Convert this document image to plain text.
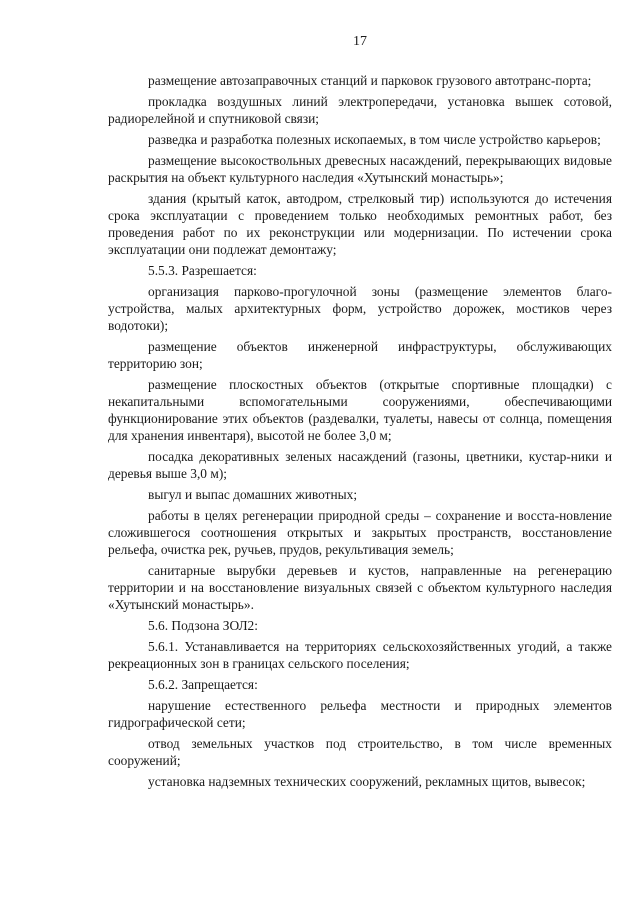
17

размещение автозаправочных станций и парковок грузового автотранс-порта;

прокладка воздушных линий электропередачи, установка вышек сотовой, радиорелейной и спутниковой связи;

разведка и разработка полезных ископаемых, в том числе устройство карьеров;

размещение высокоствольных древесных насаждений, перекрывающих видовые раскрытия на объект культурного наследия «Хутынский монастырь»;

здания (крытый каток, автодром, стрелковый тир) используются до истечения срока эксплуатации с проведением только необходимых ремонтных работ, без проведения работ по их реконструкции или модернизации. По истечении срока эксплуатации они подлежат демонтажу;

5.5.3. Разрешается:

организация парково-прогулочной зоны (размещение элементов благо-устройства, малых архитектурных форм, устройство дорожек, мостиков через водотоки);

размещение объектов инженерной инфраструктуры, обслуживающих территорию зон;

размещение плоскостных объектов (открытые спортивные площадки) с некапитальными вспомогательными сооружениями, обеспечивающими функционирование этих объектов (раздевалки, туалеты, навесы от солнца, помещения для хранения инвентаря), высотой не более 3,0 м;

посадка декоративных зеленых насаждений (газоны, цветники, кустар-ники и деревья выше 3,0 м);

выгул и выпас домашних животных;

работы в целях регенерации природной среды – сохранение и восста-новление сложившегося соотношения открытых и закрытых пространств, восстановление рельефа, очистка рек, ручьев, прудов, рекультивация земель;

санитарные вырубки деревьев и кустов, направленные на регенерацию территории и на восстановление визуальных связей с объектом культурного наследия «Хутынский монастырь».

5.6. Подзона ЗОЛ2:

5.6.1. Устанавливается на территориях сельскохозяйственных угодий, а также рекреационных зон в границах сельского поселения;

5.6.2. Запрещается:

нарушение естественного рельефа местности и природных элементов гидрографической сети;

отвод земельных участков под строительство, в том числе временных сооружений;

установка надземных технических сооружений, рекламных щитов, вывесок;
